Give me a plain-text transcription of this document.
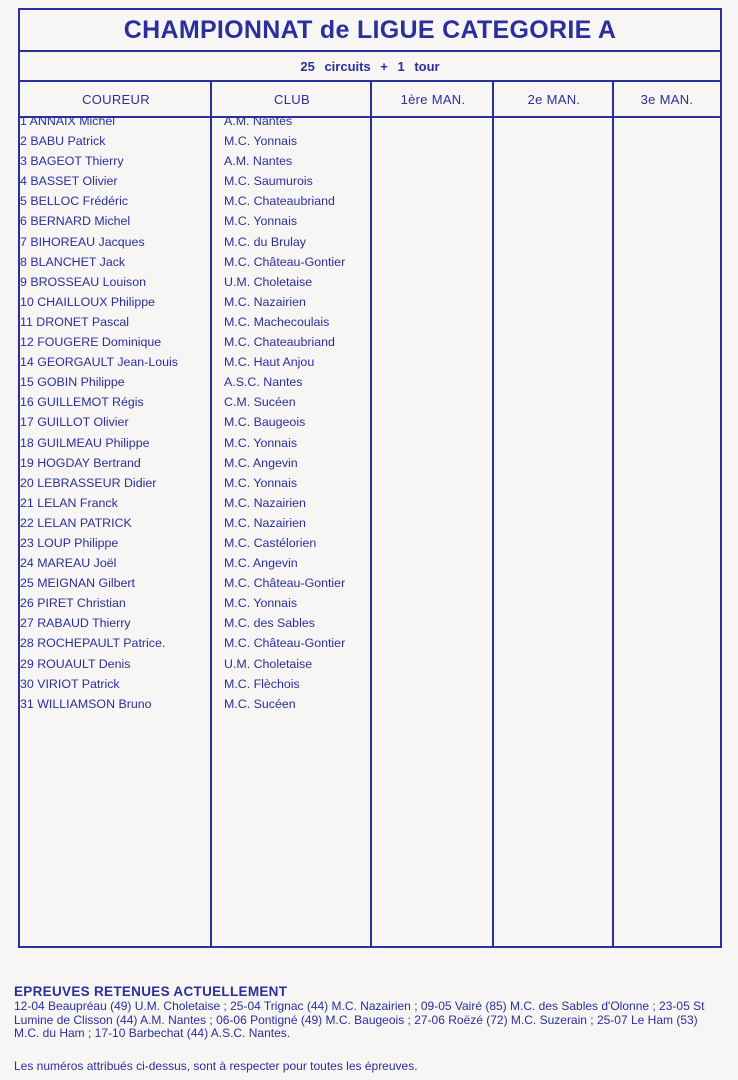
CHAMPIONNAT de LIGUE CATEGORIE A
25 circuits + 1 tour
COUREUR	CLUB	1ère MAN.	2e MAN.	3e MAN.
1 ANNAIX Michel	A.M. Nantes
2 BABU Patrick	M.C. Yonnais
3 BAGEOT Thierry	A.M. Nantes
4 BASSET Olivier	M.C. Saumurois
5 BELLOC Frédéric	M.C. Chateaubriand
6 BERNARD Michel	M.C. Yonnais
7 BIHOREAU Jacques	M.C. du Brulay
8 BLANCHET Jack	M.C. Château-Gontier
9 BROSSEAU Louison	U.M. Choletaise
10 CHAILLOUX Philippe	M.C. Nazairien
11 DRONET Pascal	M.C. Machecoulais
12 FOUGERE Dominique	M.C. Chateaubriand
14 GEORGAULT Jean-Louis	M.C. Haut Anjou
15 GOBIN Philippe	A.S.C. Nantes
16 GUILLEMOT Régis	C.M. Sucéen
17 GUILLOT Olivier	M.C. Baugeois
18 GUILMEAU Philippe	M.C. Yonnais
19 HOGDAY Bertrand	M.C. Angevin
20 LEBRASSEUR Didier	M.C. Yonnais
21 LELAN Franck	M.C. Nazairien
22 LELAN PATRICK	M.C. Nazairien
23 LOUP Philippe	M.C. Castélorien
24 MAREAU Joël	M.C. Angevin
25 MEIGNAN Gilbert	M.C. Château-Gontier
26 PIRET Christian	M.C. Yonnais
27 RABAUD Thierry	M.C. des Sables
28 ROCHEPAULT Patrice.	M.C. Château-Gontier
29 ROUAULT Denis	U.M. Choletaise
30 VIRIOT Patrick	M.C. Flèchois
31 WILLIAMSON Bruno	M.C. Sucéen
EPREUVES RETENUES ACTUELLEMENT
12-04 Beaupréau (49) U.M. Choletaise ; 25-04 Trignac (44) M.C. Nazairien ; 09-05 Vairé (85) M.C. des Sables d'Olonne ; 23-05 St Lumine de Clisson (44) A.M. Nantes ; 06-06 Pontigné (49) M.C. Baugeois ; 27-06 Roëzé (72) M.C. Suzerain ; 25-07 Le Ham (53) M.C. du Ham ; 17-10 Barbechat (44) A.S.C. Nantes.
Les numéros attribués ci-dessus, sont à respecter pour toutes les épreuves.
